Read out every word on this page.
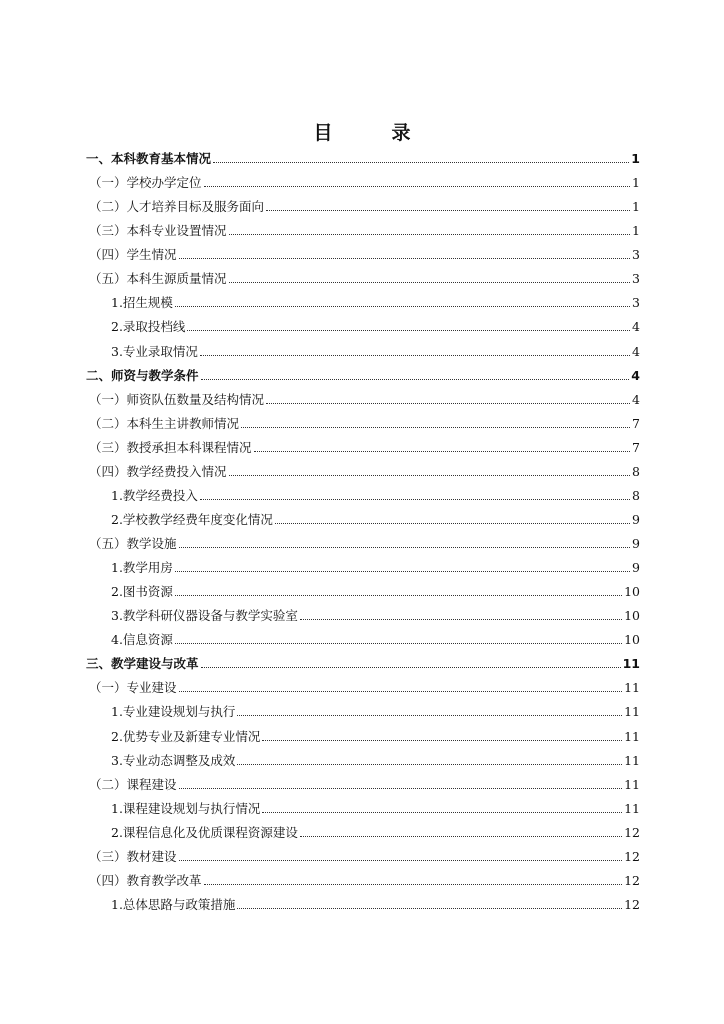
目　录
一、本科教育基本情况	1
（一）学校办学定位	1
（二）人才培养目标及服务面向	1
（三）本科专业设置情况	1
（四）学生情况	3
（五）本科生源质量情况	3
1.招生规模	3
2.录取投档线	4
3.专业录取情况	4
二、师资与教学条件	4
（一）师资队伍数量及结构情况	4
（二）本科生主讲教师情况	7
（三）教授承担本科课程情况	7
（四）教学经费投入情况	8
1.教学经费投入	8
2.学校教学经费年度变化情况	9
（五）教学设施	9
1.教学用房	9
2.图书资源	10
3.教学科研仪器设备与教学实验室	10
4.信息资源	10
三、教学建设与改革	11
（一）专业建设	11
1.专业建设规划与执行	11
2.优势专业及新建专业情况	11
3.专业动态调整及成效	11
（二）课程建设	11
1.课程建设规划与执行情况	11
2.课程信息化及优质课程资源建设	12
（三）教材建设	12
（四）教育教学改革	12
1.总体思路与政策措施	12
